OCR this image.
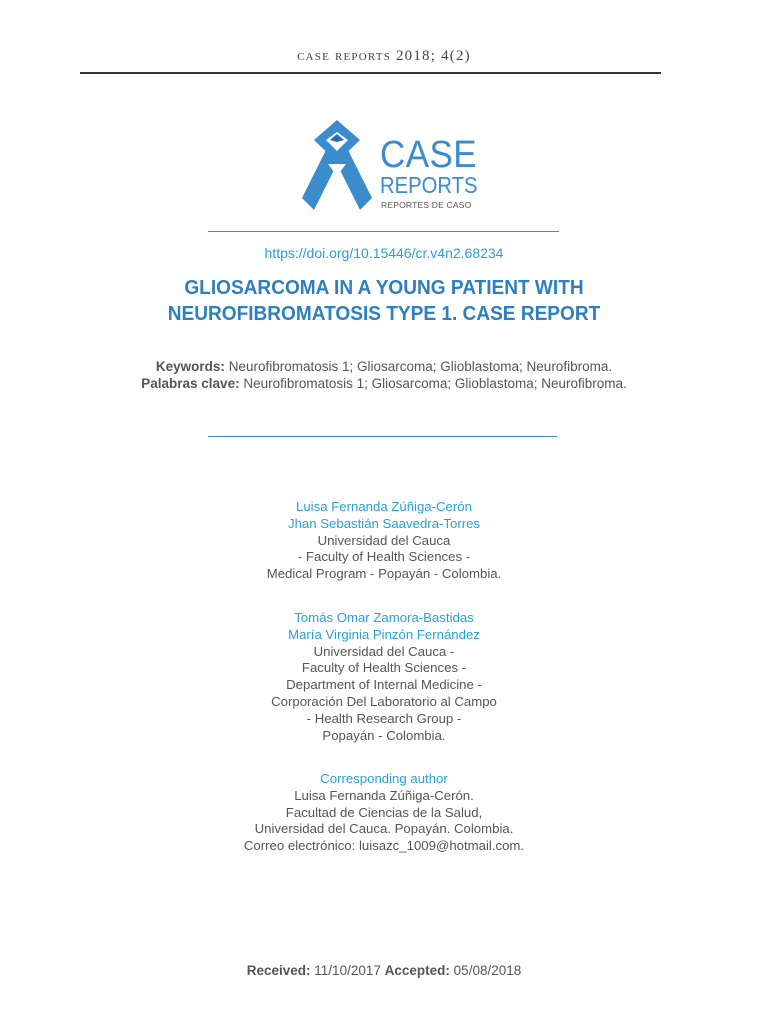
case reports 2018; 4(2)
CASE
REPORTS
REPORTES DE CASO
https://doi.org/10.15446/cr.v4n2.68234
GLIOSARCOMA IN A YOUNG PATIENT WITH
NEUROFIBROMATOSIS TYPE 1. CASE REPORT
Keywords: Neurofibromatosis 1; Gliosarcoma; Glioblastoma; Neurofibroma.
Palabras clave: Neurofibromatosis 1; Gliosarcoma; Glioblastoma; Neurofibroma.
Luisa Fernanda Zúñiga-Cerón
Jhan Sebastián Saavedra-Torres
Universidad del Cauca
- Faculty of Health Sciences -
Medical Program - Popayán - Colombia.
Tomás Omar Zamora-Bastidas
María Virginia Pinzón Fernández
Universidad del Cauca -
Faculty of Health Sciences -
Department of Internal Medicine -
Corporación Del Laboratorio al Campo
- Health Research Group -
Popayán - Colombia.
Corresponding author
Luisa Fernanda Zúñiga-Cerón.
Facultad de Ciencias de la Salud,
Universidad del Cauca. Popayán. Colombia.
Correo electrónico: luisazc_1009@hotmail.com.
Received: 11/10/2017 Accepted: 05/08/2018
